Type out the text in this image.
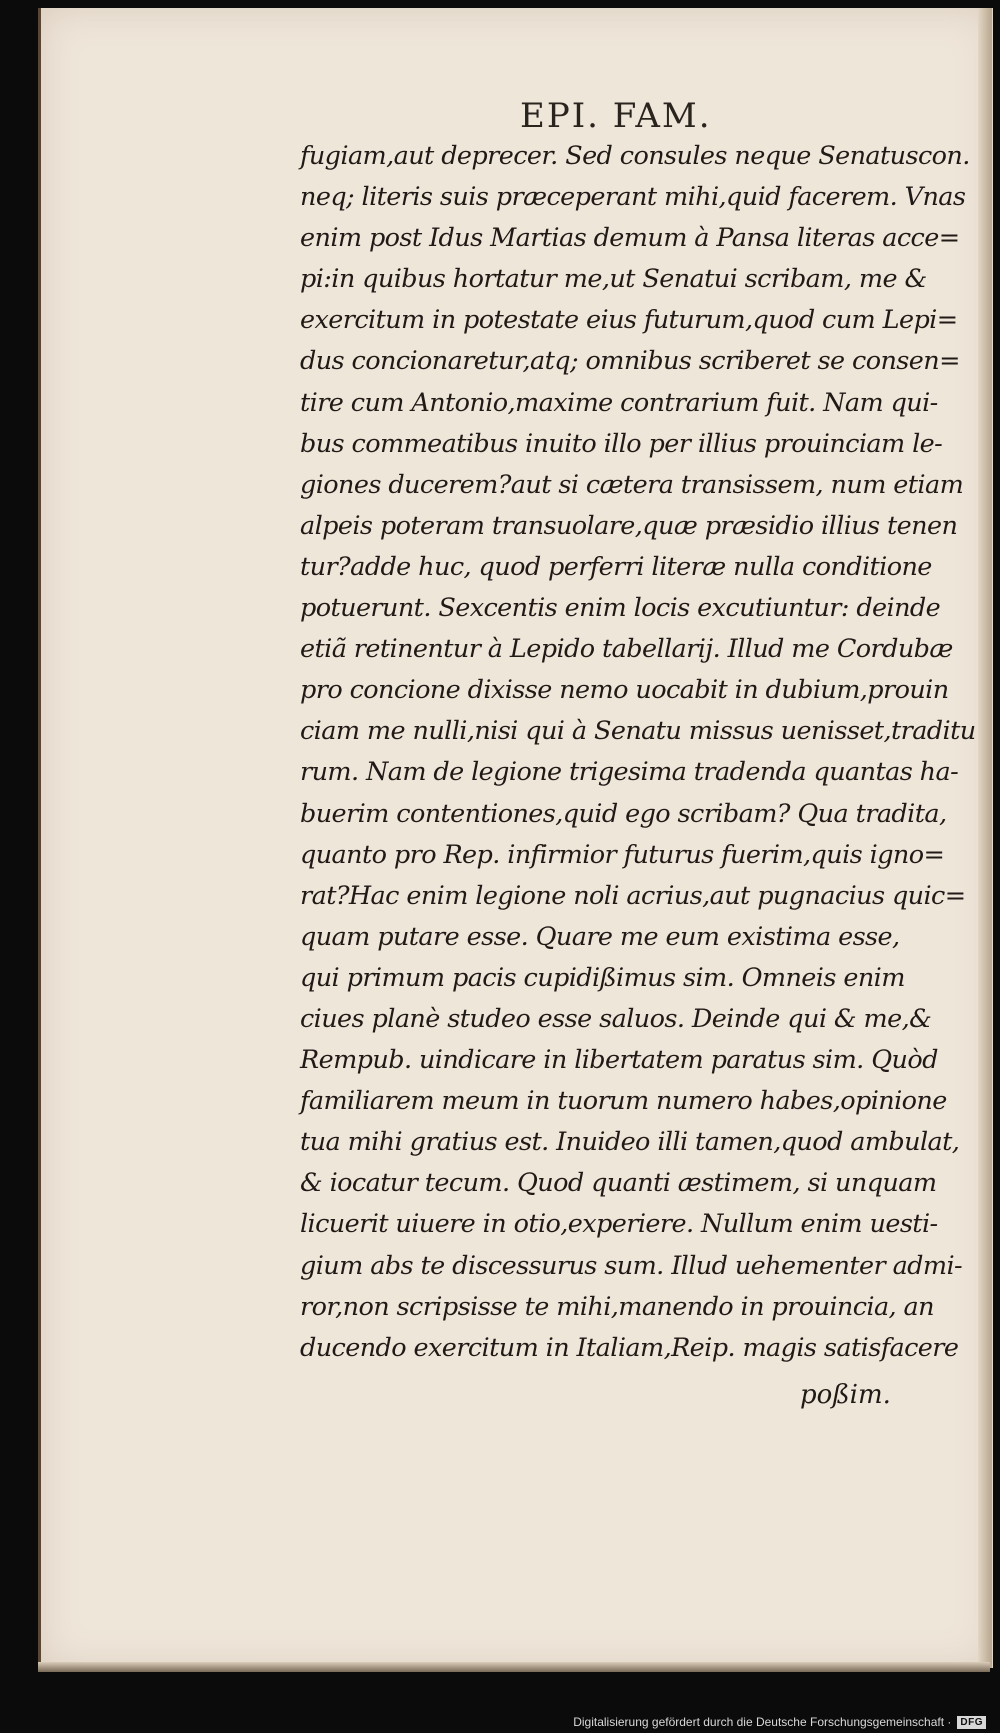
EPI. FAM.
fugiam,aut deprecer. Sed consules neque Senatuscon.
neq; literis suis præceperant mihi,quid facerem. Vnas
enim post Idus Martias demum à Pansa literas acce=
pi:in quibus hortatur me,ut Senatui scribam, me &
exercitum in potestate eius futurum,quod cum Lepi=
dus concionaretur,atq; omnibus scriberet se consen=
tire cum Antonio,maxime contrarium fuit. Nam qui-
bus commeatibus inuito illo per illius prouinciam le-
giones ducerem?aut si cætera transissem, num etiam
alpeis poteram transuolare,quæ præsidio illius tenen
tur?adde huc, quod perferri literæ nulla conditione
potuerunt. Sexcentis enim locis excutiuntur: deinde
etiã retinentur à Lepido tabellarij. Illud me Cordubæ
pro concione dixisse nemo uocabit in dubium,prouin
ciam me nulli,nisi qui à Senatu missus uenisset,traditu
rum. Nam de legione trigesima tradenda quantas ha-
buerim contentiones,quid ego scribam? Qua tradita,
quanto pro Rep. infirmior futurus fuerim,quis igno=
rat?Hac enim legione noli acrius,aut pugnacius quic=
quam putare esse. Quare me eum existima esse,
qui primum pacis cupidißimus sim. Omneis enim
ciues planè studeo esse saluos. Deinde qui & me,&
Rempub. uindicare in libertatem paratus sim. Quòd
familiarem meum in tuorum numero habes,opinione
tua mihi gratius est. Inuideo illi tamen,quod ambulat,
& iocatur tecum. Quod quanti æstimem, si unquam
licuerit uiuere in otio,experiere. Nullum enim uesti-
gium abs te discessurus sum. Illud uehementer admi-
ror,non scripsisse te mihi,manendo in prouincia, an
ducendo exercitum in Italiam,Reip. magis satisfacere
poßim.
Digitalisierung gefördert durch die Deutsche Forschungsgemeinschaft · DFG
